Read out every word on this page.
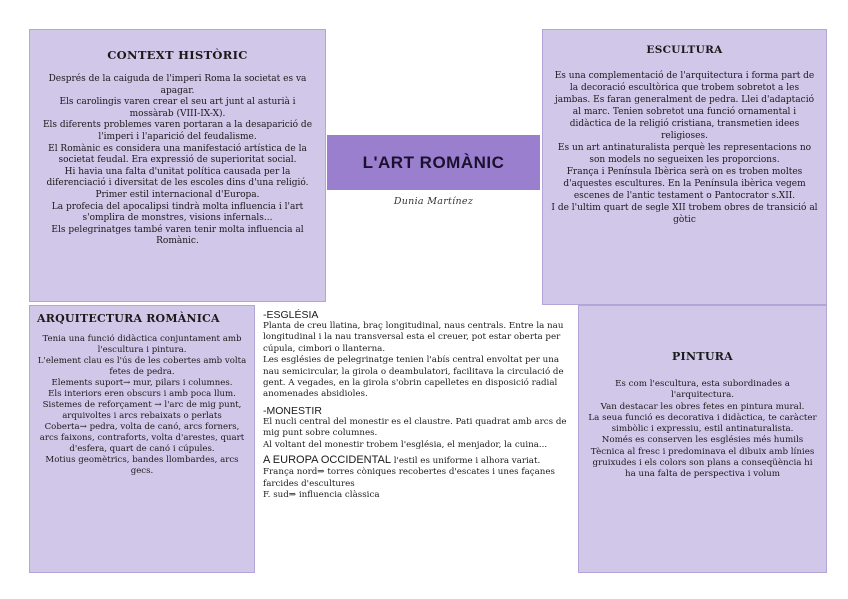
CONTEXT HISTÒRIC

Després de la caiguda de l'imperi Roma la societat es va apagar.

Els carolingis varen crear el seu art junt al asturià i mossàrab (VIII-IX-X).

Els diferents problemes varen portaran a la desaparició de l'imperi i l'aparició del feudalisme.

El Romànic es considera una manifestació artística de la societat feudal. Era expressió de superioritat social.

Hi havia una falta d'unitat política causada per la diferenciació i diversitat de les escoles dins d'una religió. Primer estil internacional d'Europa.

La profecia del apocalipsi tindrà molta influencia i l'art s'omplira de monstres, visions infernals...

Els pelegrinatges també varen tenir molta influencia al Romànic.

L'ART ROMÀNIC
Dunia Martínez
ESCULTURA

Es una complementació de l'arquitectura i forma part de la decoració escultòrica que trobem sobretot a les jambas. Es faran generalment de pedra. Llei d'adaptació al marc. Tenien sobretot una funció ornamental i didàctica de la religió cristiana, transmetien idees religioses.

Es un art antinaturalista perquè les representacions no son models no segueixen les proporcions.

França i Península Ibèrica serà on es troben moltes d'aquestes escultures. En la Península ibèrica vegem escenes de l'antic testament o Pantocrator s.XII.

I de l'ultim quart de segle XII trobem obres de transició al gòtic

ARQUITECTURA ROMÀNICA

Tenia una funció didàctica conjuntament amb l'escultura i pintura.

L'element clau es l'ús de les cobertes amb volta fetes de pedra.

Elements suport→ mur, pilars i columnes.

Els interiors eren obscurs i amb poca llum.

Sistemes de reforçament → l'arc de mig punt, arquivoltes i arcs rebaixats o perlats

Coberta→ pedra, volta de canó, arcs forners, arcs faixons, contraforts, volta d'arestes, quart d'esfera, quart de canó i cúpules.

Motius geomètrics, bandes llombardes, arcs gecs.

-ESGLÉSIA

Planta de creu llatina, braç longitudinal, naus centrals. Entre la nau longitudinal i la nau transversal esta el creuer, pot estar oberta per cúpula, cimbori o llanterna.

Les esglésies de pelegrinatge tenien l'abís central envoltat per una nau semicircular, la girola o deambulatori, facilitava la circulació de gent. A vegades, en la girola s'obrin capelletes en disposició radial anomenades absidioles.

-MONESTIR

El nucli central del monestir es el claustre. Pati quadrat amb arcs de mig punt sobre columnes.

Al voltant del monestir trobem l'església, el menjador, la cuina...

A EUROPA OCCIDENTAL l'estil es uniforme i alhora variat.

França nord⇒ torres còniques recobertes d'escates i unes façanes farcides d'escultures

F. sud⇒ influencia clàssica

PINTURA

Es com l'escultura, esta subordinades a l'arquitectura.

Van destacar les obres fetes en pintura mural.

La seua funció es decorativa i didàctica, te caràcter simbòlic i expressiu, estil antinaturalista.

Només es conserven les esglésies més humils

Tècnica al fresc i predominava el dibuix amb línies gruixudes i els colors son plans a conseqüència hi ha una falta de perspectiva i volum
